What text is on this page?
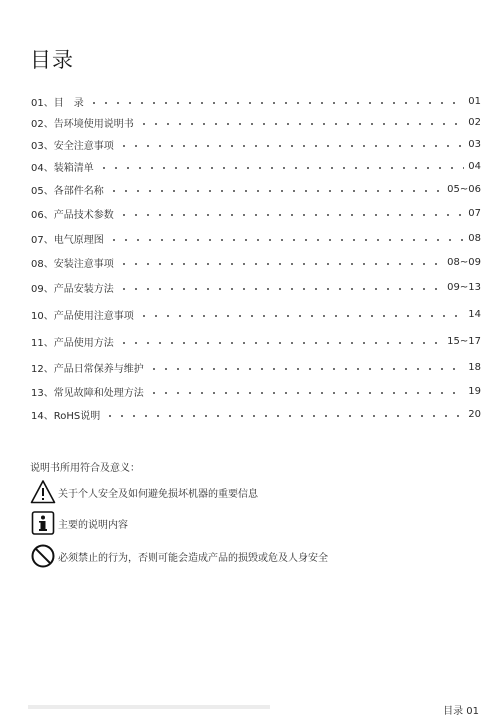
目录
01、目　录	01
02、告环境使用说明书	02
03、安全注意事项	03
04、装箱清单	04
05、各部件名称	05~06
06、产品技术参数	07
07、电气原理图	08
08、安装注意事项	08~09
09、产品安装方法	09~13
10、产品使用注意事项	14
11、产品使用方法	15~17
12、产品日常保养与维护	18
13、常见故障和处理方法	19
14、RoHS说明	20
说明书所用符合及意义：
关于个人安全及如何避免损坏机器的重要信息
主要的说明内容
必须禁止的行为，否则可能会造成产品的损毁或危及人身安全
目录 01
